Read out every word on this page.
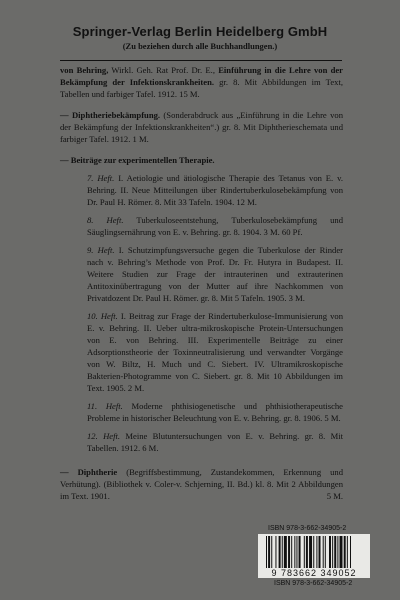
Springer-Verlag Berlin Heidelberg GmbH
(Zu beziehen durch alle Buchhandlungen.)

von Behring, Wirkl. Geh. Rat Prof. Dr. E., Einführung in die Lehre von der Bekämpfung der Infektionskrankheiten. gr. 8. Mit Abbildungen im Text, Tabellen und farbiger Tafel. 1912. 15 M.

— Diphtheriebekämpfung. (Sonderabdruck aus „Einführung in die Lehre von der Bekämpfung der Infektionskrankheiten“.) gr. 8. Mit Diphtherieschemata und farbiger Tafel. 1912. 1 M.

— Beiträge zur experimentellen Therapie.

7. Heft. I. Aetiologie und ätiologische Therapie des Tetanus von E. v. Behring. II. Neue Mitteilungen über Rindertuberkulosebekämpfung von Dr. Paul H. Römer. 8. Mit 33 Tafeln. 1904. 12 M.

8. Heft. Tuberkuloseentstehung, Tuberkulosebekämpfung und Säuglingsernährung von E. v. Behring. gr. 8. 1904. 3 M. 60 Pf.

9. Heft. I. Schutzimpfungsversuche gegen die Tuberkulose der Rinder nach v. Behring’s Methode von Prof. Dr. Fr. Hutyra in Budapest. II. Weitere Studien zur Frage der intrauterinen und extrauterinen Antitoxinübertragung von der Mutter auf ihre Nachkommen von Privatdozent Dr. Paul H. Römer. gr. 8. Mit 5 Tafeln. 1905. 3 M.

10. Heft. I. Beitrag zur Frage der Rindertuberkulose-Immunisierung von E. v. Behring. II. Ueber ultra-mikroskopische Protein-Untersuchungen von E. von Behring. III. Experimentelle Beiträge zu einer Adsorptionstheorie der Toxinneutralisierung und verwandter Vorgänge von W. Biltz, H. Much und C. Siebert. IV. Ultramikroskopische Bakterien-Photogramme von C. Siebert. gr. 8. Mit 10 Abbildungen im Text. 1905. 2 M.

11. Heft. Moderne phthisiogenetische und phthisiotherapeutische Probleme in historischer Beleuchtung von E. v. Behring. gr. 8. 1906. 5 M.

12. Heft. Meine Blutuntersuchungen von E. v. Behring. gr. 8. Mit Tabellen. 1912. 6 M.

— Diphtherie (Begriffsbestimmung, Zustandekommen, Erkennung und Verhütung). (Bibliothek v. Coler-v. Schjerning, II. Bd.) kl. 8. Mit 2 Abbildungen im Text. 1901.	5 M.

ISBN 978-3-662-34905-2
9 783662 349052
ISBN 978-3-662-34905-2
